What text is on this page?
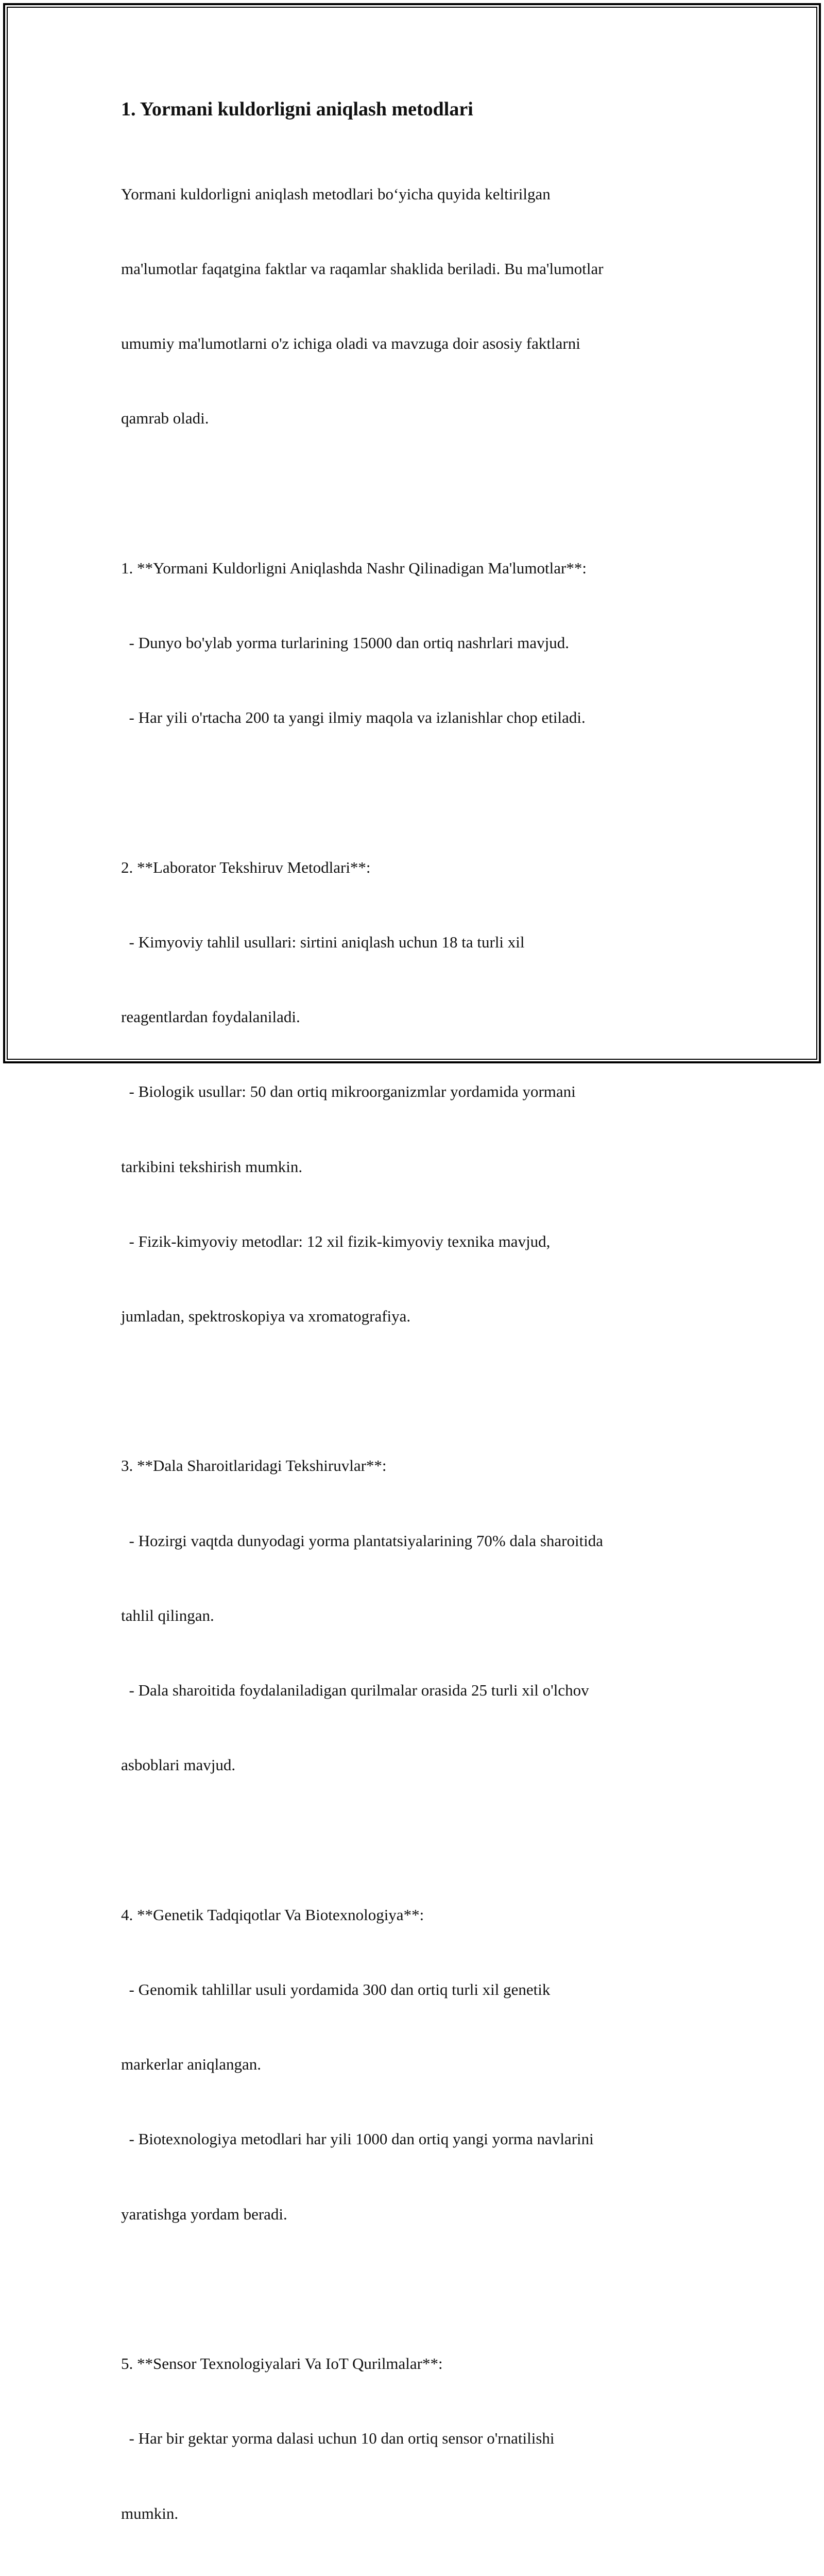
1. Yormani kuldorligni aniqlash metodlari

Yormani kuldorligni aniqlash metodlari bo‘yicha quyida keltirilgan

ma'lumotlar faqatgina faktlar va raqamlar shaklida beriladi. Bu ma'lumotlar

umumiy ma'lumotlarni o'z ichiga oladi va mavzuga doir asosiy faktlarni

qamrab oladi.

1. **Yormani Kuldorligni Aniqlashda Nashr Qilinadigan Ma'lumotlar**:

- Dunyo bo'ylab yorma turlarining 15000 dan ortiq nashrlari mavjud.

- Har yili o'rtacha 200 ta yangi ilmiy maqola va izlanishlar chop etiladi.

2. **Laborator Tekshiruv Metodlari**:

- Kimyoviy tahlil usullari: sirtini aniqlash uchun 18 ta turli xil

reagentlardan foydalaniladi.

- Biologik usullar: 50 dan ortiq mikroorganizmlar yordamida yormani

tarkibini tekshirish mumkin.

- Fizik-kimyoviy metodlar: 12 xil fizik-kimyoviy texnika mavjud,

jumladan, spektroskopiya va xromatografiya.

3. **Dala Sharoitlaridagi Tekshiruvlar**:

- Hozirgi vaqtda dunyodagi yorma plantatsiyalarining 70% dala sharoitida

tahlil qilingan.

- Dala sharoitida foydalaniladigan qurilmalar orasida 25 turli xil o'lchov

asboblari mavjud.

4. **Genetik Tadqiqotlar Va Biotexnologiya**:

- Genomik tahlillar usuli yordamida 300 dan ortiq turli xil genetik

markerlar aniqlangan.

- Biotexnologiya metodlari har yili 1000 dan ortiq yangi yorma navlarini

yaratishga yordam beradi.

5. **Sensor Texnologiyalari Va IoT Qurilmalar**:

- Har bir gektar yorma dalasi uchun 10 dan ortiq sensor o'rnatilishi

mumkin.
